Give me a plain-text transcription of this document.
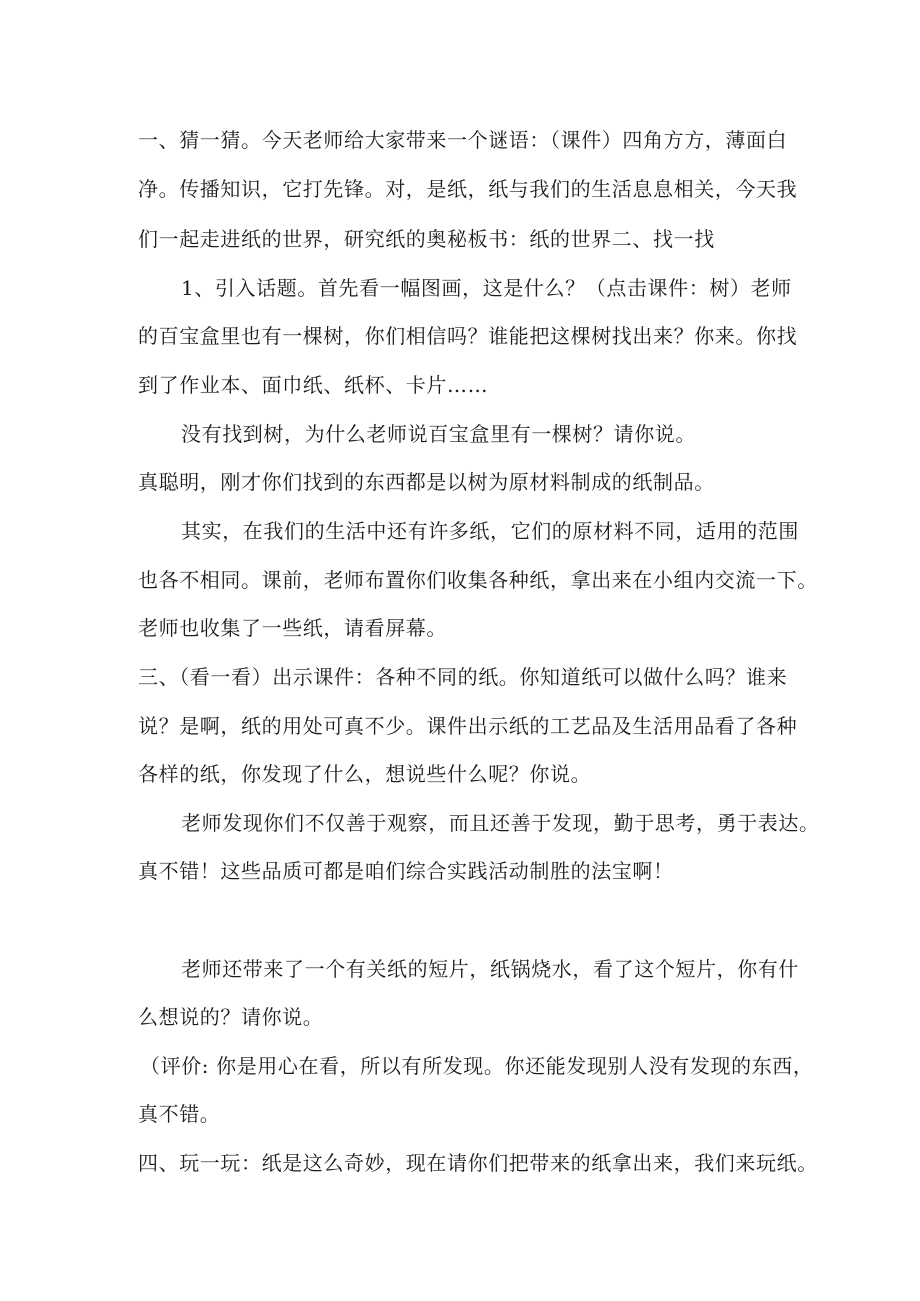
一、猜一猜。今天老师给大家带来一个谜语：（课件）四角方方，薄面白
净。传播知识，它打先锋。对，是纸，纸与我们的生活息息相关，今天我
们一起走进纸的世界，研究纸的奥秘板书：纸的世界二、找一找
1、引入话题。首先看一幅图画，这是什么？（点击课件：树）老师
的百宝盒里也有一棵树，你们相信吗？谁能把这棵树找出来？你来。你找
到了作业本、面巾纸、纸杯、卡片……
没有找到树，为什么老师说百宝盒里有一棵树？请你说。
真聪明，刚才你们找到的东西都是以树为原材料制成的纸制品。
其实，在我们的生活中还有许多纸，它们的原材料不同，适用的范围
也各不相同。课前，老师布置你们收集各种纸，拿出来在小组内交流一下。
老师也收集了一些纸，请看屏幕。
三、（看一看）出示课件：各种不同的纸。你知道纸可以做什么吗？谁来
说？是啊，纸的用处可真不少。课件出示纸的工艺品及生活用品看了各种
各样的纸，你发现了什么，想说些什么呢？你说。
老师发现你们不仅善于观察，而且还善于发现，勤于思考，勇于表达。
真不错！这些品质可都是咱们综合实践活动制胜的法宝啊！
老师还带来了一个有关纸的短片，纸锅烧水，看了这个短片，你有什
么想说的？请你说。
（评价: 你是用心在看，所以有所发现。你还能发现别人没有发现的东西，
真不错。
四、玩一玩：纸是这么奇妙，现在请你们把带来的纸拿出来，我们来玩纸。
